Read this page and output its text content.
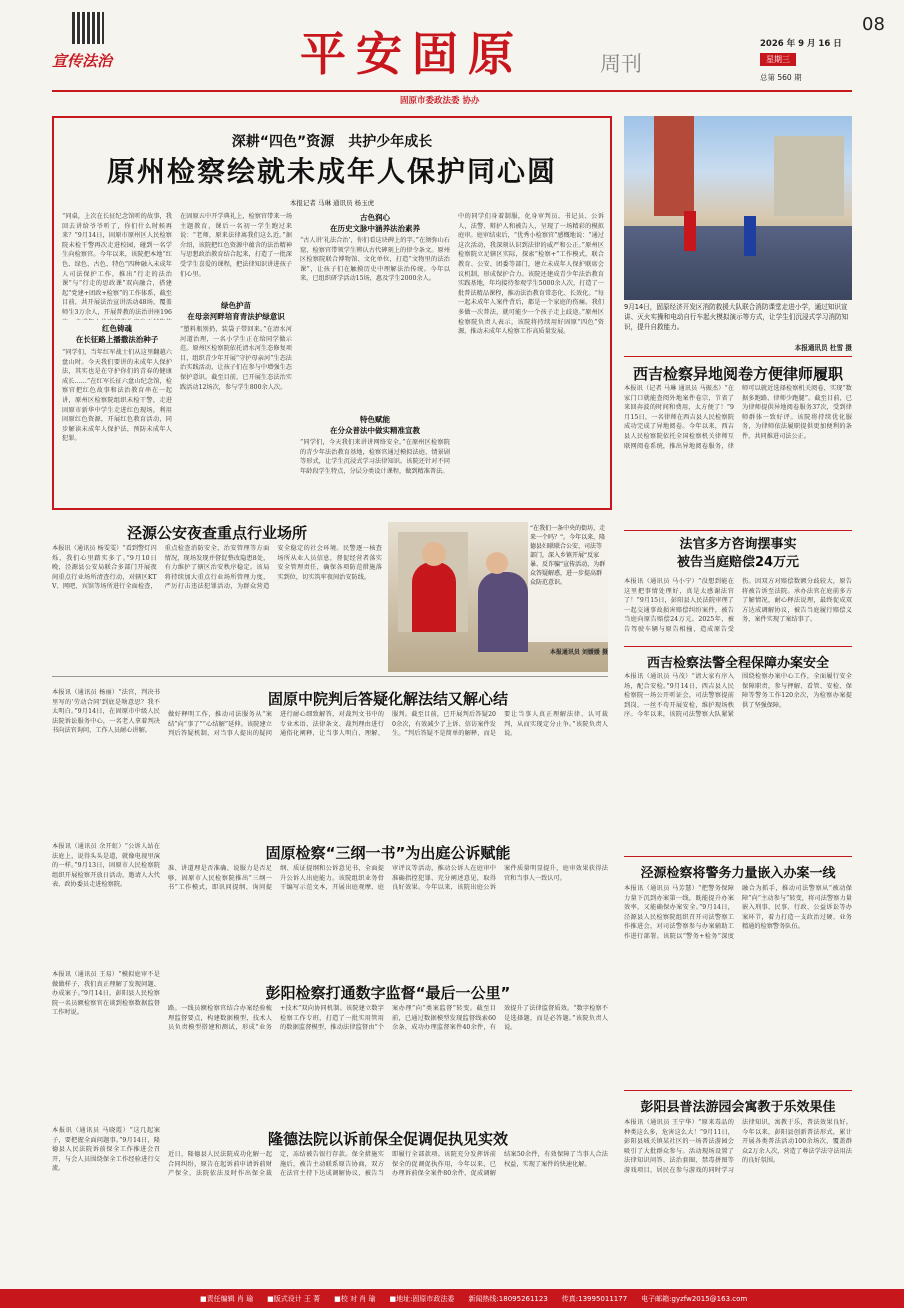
宣传法治	平安固原	周刊
08
2026 年 9 月 16 日
星期三
总第 560 期
固原市委政法委 协办
深耕“四色”资源　共护少年成长
原州检察绘就未成年人保护同心圆
本报记者 马琳 通讯员 杨玉虎
“同桌，上次在长征纪念馆听的故事，我回去讲给爷爷听了，你们什么时候再来？”9月14日，固原市原州区人民检察院未检干警再次走进校园，碰到一名学生向检察官。今年以来，该院把本地“红色、绿色、古色、特色”四种融入未成年人司法保护工作，推出“行走的法治课”与“行走的思政课”双向融合，搭建起“党建+团政+检察”的工作体系，截至目前，共开展法治宣讲活动48场，覆盖师生3万余人，开展普教的法治讲座196
红色铸魂
在长征路上播撒法治种子
“同学们，当年红军战士们从这里翻越六盘山时。今天我们要讲的未成年人保护法，其实也是在守护你们的青春的健康成长……”在红军长征六盘山纪念馆，检察官把红色故事和法治教育串在一起讲，原州区检察院组织未检干警，走进固原市新华中学生走进红色现场，利用固原红色资源，开展红色教育活动，同步解读未成年人保护法，预防未成年人犯罪。
在固原五中开学典礼上，检察官带来一场主题教育，课后一名初一学生跑过来说：“老师，原来法律离我们这么近。”据介绍，该院把红色资源中蕴含的法治精神与思想政治教育结合起来，打造了一批深受学生喜爱的课程，把法律知识讲进孩子们心里。
绿色护苗
在母亲河畔培育青法护绿意识
“塑料瓶别扔，装袋子带回来。”在清水河河道治理，一名小学生正在给同学做示范。原州区检察院依托清水河生态修复项目，组织青少年开展“守护母亲河”生态法治实践活动，让孩子们在参与中增强生态保护意识。截至目前，已开展生态法治实践活动12场次，参与学生800余人次。
古色润心
在历史文脉中涵养法治素养
“古人讲‘礼法合治’，你们看这块碑上的字。”在须弥山石窟，检察官带领学生辨认古代碑刻上的律令条文。原州区检察院联合博物馆、文化单位，打造“文物里的法治课”，让孩子们在触摸历史中理解法治传统。今年以来，已组织研学活动15场，惠及学生2000余人。
特色赋能
在分众普法中做实精准宣教
“同学们，今天我们来讲讲网络安全。”在原州区检察院的青少年法治教育基地，检察官通过模拟法庭、情景剧等形式，让学生沉浸式学习法律知识。该院还针对不同年龄段学生特点，分层分类设计课程，做到精准普法。
中的同学们身着制服，化身审判员、书记员、公诉人，法警、辩护人和被告人，呈现了一场精彩的模拟庭审。庭审结束后，“优秀小检察官”感慨地说：“通过这次活动，我深刻认识到法律的威严和公正。”原州区检察院立足辖区实际，探索“检察+”工作模式，联合教育、公安、团委等部门，建立未成年人保护联席会议机制，形成保护合力。该院还建成青少年法治教育实践基地，年均接待参观学生5000余人次，打造了一批普法精品课程，推动法治教育常态化、长效化。“每一起未成年人案件背后，都是一个家庭的伤痛。我们多做一次普法，就可能少一个孩子走上歧途。”原州区检察院负责人表示，该院将持续用好固原“四色”资源，推动未成年人检察工作高质量发展。
9月14日，固原经济开发区消防救援大队联合消防课堂走进小学，通过知识宣讲、灭火实操和电动自行车起火模拟演示等方式，让学生们沉浸式学习消防知识，提升自救能力。
本报通讯员 杜雪 摄
西吉检察异地阅卷方便律师履职
本报讯（记者 马琳 通讯员 马振杰）“在家门口就能查阅外地案件卷宗，节省了来回奔波的时间和费用，太方便了！”9月15日，一名律师在西吉县人民检察院成功完成了异地阅卷。今年以来，西吉县人民检察院依托全国检察机关律师互联网阅卷系统，推出异地阅卷服务，律师可以就近选择检察机关阅卷，实现“数据多跑路、律师少跑腿”。截至目前，已为律师提供异地阅卷服务37次，受到律师群体一致好评。该院将持续优化服务，为律师依法履职提供更加便利的条件，共同推进司法公正。
法官多方咨询摆事实
被告当庭赔偿24万元
本报讯（通讯员 马小宁）“没想到能在这里把事情处理好，真是太感谢法官了！”9月15日，彭阳县人民法院审理了一起交通事故损害赔偿纠纷案件，被告当庭向原告赔偿24万元。2025年，被告驾驶车辆与原告相撞，造成原告受伤。因双方对赔偿数额分歧较大，原告将被告诉至法院。承办法官在庭前多方了解情况，耐心释法说理，最终促成双方达成调解协议，被告当庭履行赔偿义务，案件实现了案结事了。
西吉检察法警全程保障办案安全
本报讯（通讯员 马茂）“请大家有序入场，配合安检。”9月14日，西吉县人民检察院一场公开听证会，司法警察提前到岗，一丝不苟开展安检，维护现场秩序。今年以来，该院司法警察大队紧紧围绕检察办案中心工作，全面履行安全保障职责，参与押解、看管、安检、保障等警务工作120余次，为检察办案提供了坚强保障。
泾源检察将警务力量嵌入办案一线
本报讯（通讯员 马芳慧）“把警务保障力量下沉到办案第一线，既能提升办案效率，又能确保办案安全。”9月14日，泾源县人民检察院组织召开司法警察工作推进会，对司法警察参与办案辅助工作进行部署。该院以“警务+检务”深度融合为抓手，推动司法警察从“被动保障”向“主动参与”转变，将司法警察力量嵌入刑事、民事、行政、公益诉讼等办案环节，着力打造一支政治过硬、业务精通的检察警务队伍。
彭阳县普法游园会寓教于乐效果佳
本报讯（通讯员 王宁华）“原来毒品的种类这么多，危害这么大！”9月11日，彭阳县城关镇某社区的一场普法游园会吸引了大批群众参与。活动现场设置了法律知识问答、法治套圈、禁毒拼图等游戏项目，居民在参与游戏的同时学习法律知识，寓教于乐，普法效果良好。今年以来，彭阳县创新普法形式，累计开展各类普法活动100余场次，覆盖群众2万余人次，营造了尊法学法守法用法的良好氛围。
泾源公安夜查重点行业场所
本报讯（通讯员 杨雯雯）“看到警灯闪烁，我们心里踏实多了。”9月10日晚，泾源县公安局联合多部门开展夜间重点行业场所清查行动，对辖区KTV、网吧、宾馆等场所进行全面检查，重点检查消防安全、治安管理等方面情况，现场发现并督促整改隐患8处，有力维护了辖区治安秩序稳定。该局将持续加大重点行业场所管理力度，严厉打击违法犯罪活动，为群众营造安全稳定的社会环境。民警逐一核查场所从业人员信息，督促经营者落实安全管理责任，确保各项防范措施落实到位，切实筑牢夜间治安防线。
“在我们一条中央的街坊，走来一个吗？”。今年以来，隆德县妇联联合公安、司法等部门，深入乡镇开展“反家暴、反诈骗”宣传活动，为群众答疑解惑，进一步提高群众防范意识。
本报通讯员 刘媛媛 摄
本报讯（通讯员 杨丽）“法官，判决书里写的‘劳动合同’到底是啥意思？我不太明白。”9月14日，在固原市中级人民法院诉讼服务中心，一名老人拿着判决书向法官询问，工作人员耐心讲解。
本报讯（通讯员 余开虹）“公诉人站在法庭上，说得头头是道，就像电视里演的一样。”9月13日，固原市人民检察院组织开展检察开放日活动，邀请人大代表、政协委员走进检察院。
本报讯（通讯员 王易）“模拟庭审不是做做样子，我们真正理解了发现问题、办成案子。”9月14日，彭阳县人民检察院一名员额检察官在谈到检察数据监督工作时说。
本报讯（通讯员 马晓霞）“这几起案子，要把握全面问题事。”9月14日，隆德县人民法院诉前保全工作推进会召开，与会人员围绕保全工作经验进行交流。
固原中院判后答疑化解法结又解心结
做好释明工作，推动司法服务从“案结”向“事了”“心结解”延伸。该院建立判后答疑机制，对当事人提出的疑问进行耐心细致解答，对裁判文书中的专业术语、法律条文、裁判理由进行通俗化阐释，让当事人明白、理解、服判。截至目前，已开展判后答疑200余次，有效减少了上诉、信访案件发生。“判后答疑不是简单的解释，而是要让当事人真正理解法律、认可裁判，从而实现定分止争。”该院负责人说。
固原检察“三纲一书”为出庭公诉赋能
准、讲道理是否准确、说服力是否足够，固原市人民检察院推出“三纲一书”工作模式，即讯问提纲、询问提纲、质证提纲和公诉意见书，全面提升公诉人出庭能力。该院组织业务骨干编写示范文本，开展出庭观摩、庭审评议等活动，推动公诉人在庭审中准确指控犯罪、充分阐述意见，取得良好效果。今年以来，该院出庭公诉案件质量明显提升，庭审效果获得法官和当事人一致认可。
彭阳检察打通数字监督“最后一公里”
路。一线员额检察官结合办案经验梳理监督要点，构建数据模型，技术人员负责模型搭建和测试，形成“业务+技术”双向协同机制。该院建立数字检察工作专班，打造了一批实用管用的数据监督模型，推动法律监督由“个案办理”向“类案监督”转变。截至目前，已通过数据模型发现监督线索60余条，成功办理监督案件40余件，有效提升了法律监督质效。“数字检察不是选择题，而是必答题。”该院负责人说。
隆德法院以诉前保全促调促执见实效
近日，隆德县人民法院成功化解一起合同纠纷，原告在起诉前申请诉前财产保全，法院依法及时作出保全裁定，冻结被告银行存款。保全措施实施后，被告主动联系原告协商，双方在法官主持下达成调解协议，被告当即履行全部款项。该院充分发挥诉前保全的促调促执作用，今年以来，已办理诉前保全案件80余件，促成调解结案50余件，有效保障了当事人合法权益，实现了案件的快速化解。
■责任编辑 肖 瑜 ■版式设计 王 菁 ■校 对 肖 瑜 ■地址:固原市政法委 新闻热线:18095261123 传真:13995011177 电子邮箱:gyzfw2015@163.com
